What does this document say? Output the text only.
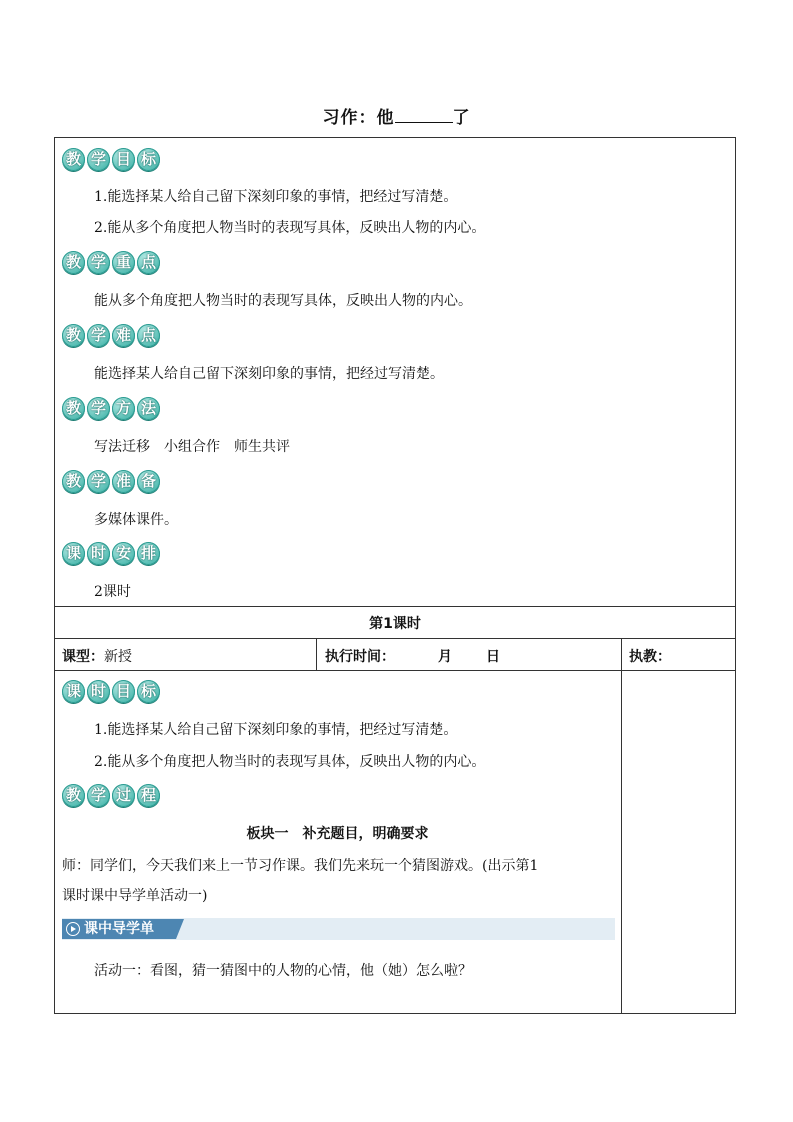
习作：他	了
教 学 目 标
1.能选择某人给自己留下深刻印象的事情，把经过写清楚。
2.能从多个角度把人物当时的表现写具体，反映出人物的内心。
教 学 重 点
能从多个角度把人物当时的表现写具体，反映出人物的内心。
教 学 难 点
能选择某人给自己留下深刻印象的事情，把经过写清楚。
教 学 方 法
写法迁移　小组合作　师生共评
教 学 准 备
多媒体课件。
课 时 安 排
2课时
第1课时
课型：新授	执行时间：	月 日	执教：
课 时 目 标
1.能选择某人给自己留下深刻印象的事情，把经过写清楚。
2.能从多个角度把人物当时的表现写具体，反映出人物的内心。
教 学 过 程
板块一　补充题目，明确要求
师：同学们，今天我们来上一节习作课。我们先来玩一个猜图游戏。(出示第1
课时课中导学单活动一)
课中导学单
活动一：看图，猜一猜图中的人物的心情，他（她）怎么啦？
